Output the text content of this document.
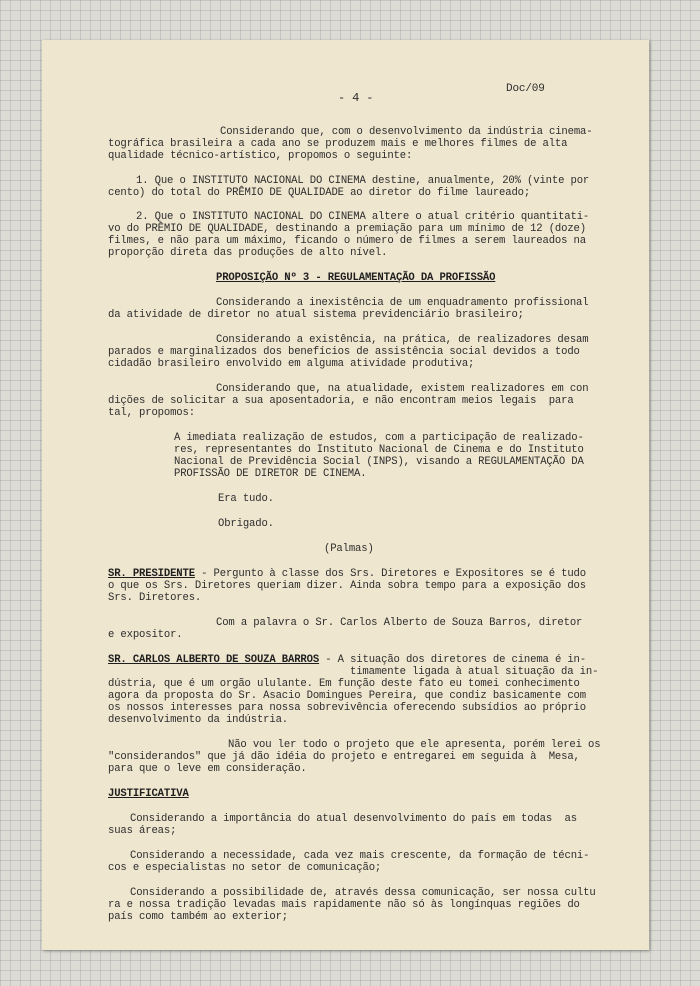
- 4 -
Doc/09
Considerando que, com o desenvolvimento da indústria cinema-
tográfica brasileira a cada ano se produzem mais e melhores filmes de alta
qualidade técnico-artístico, propomos o seguinte:
1. Que o INSTITUTO NACIONAL DO CINEMA destine, anualmente, 20% (vinte por
cento) do total do PRÊMIO DE QUALIDADE ao diretor do filme laureado;
2. Que o INSTITUTO NACIONAL DO CINEMA altere o atual critério quantitati-
vo do PRÊMIO DE QUALIDADE, destinando a premiação para um mínimo de 12 (doze)
filmes, e não para um máximo, ficando o número de filmes a serem laureados na
proporção direta das produções de alto nível.
PROPOSIÇÃO Nº 3 - REGULAMENTAÇÃO DA PROFISSÃO
Considerando a inexistência de um enquadramento profissional
da atividade de diretor no atual sistema previdenciário brasileiro;
Considerando a existência, na prática, de realizadores desam
parados e marginalizados dos benefícios de assistência social devidos a todo
cidadão brasileiro envolvido em alguma atividade produtiva;
Considerando que, na atualidade, existem realizadores em con
dições de solicitar a sua aposentadoria, e não encontram meios legais  para
tal, propomos:
A imediata realização de estudos, com a participação de realizado-
res, representantes do Instituto Nacional de Cinema e do Instituto
Nacional de Previdência Social (INPS), visando a REGULAMENTAÇÃO DA
PROFISSÃO DE DIRETOR DE CINEMA.
Era tudo.
Obrigado.
(Palmas)
SR. PRESIDENTE - Pergunto à classe dos Srs. Diretores e Expositores se é tudo
o que os Srs. Diretores queriam dizer. Ainda sobra tempo para a exposição dos
Srs. Diretores.
Com a palavra o Sr. Carlos Alberto de Souza Barros, diretor
e expositor.
SR. CARLOS ALBERTO DE SOUZA BARROS - A situação dos diretores de cinema é in-
timamente ligada à atual situação da in-
dústria, que é um orgão ululante. Em função deste fato eu tomei conhecimento
agora da proposta do Sr. Asacio Domingues Pereira, que condiz basicamente com
os nossos interesses para nossa sobrevivência oferecendo subsídios ao próprio
desenvolvimento da indústria.
Não vou ler todo o projeto que ele apresenta, porém lerei os
"considerandos" que já dão idéia do projeto e entregarei em seguida à  Mesa,
para que o leve em consideração.
JUSTIFICATIVA
Considerando a importância do atual desenvolvimento do país em todas  as
suas áreas;
Considerando a necessidade, cada vez mais crescente, da formação de técni-
cos e especialistas no setor de comunicação;
Considerando a possibilidade de, através dessa comunicação, ser nossa cultu
ra e nossa tradição levadas mais rapidamente não só às longínquas regiões do
país como também ao exterior;
